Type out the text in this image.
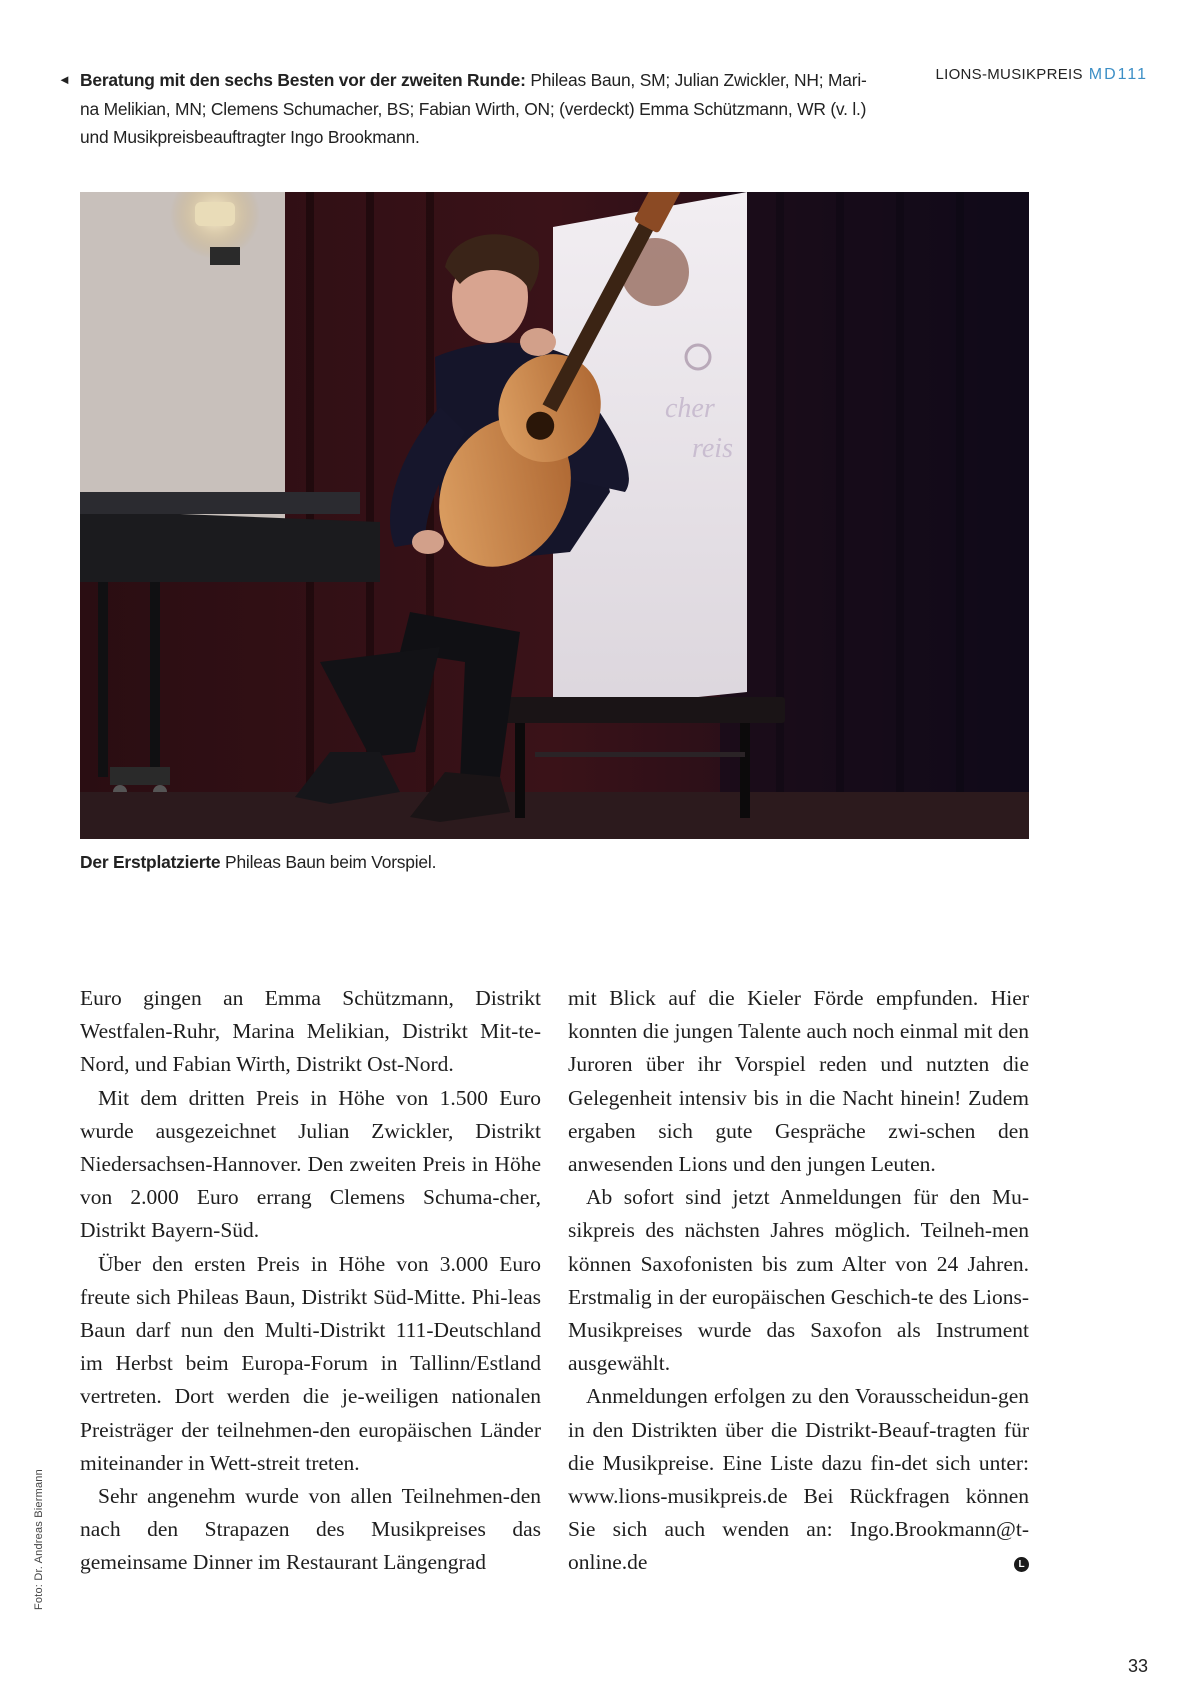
LIONS-MUSIKPREIS MD111
◄ Beratung mit den sechs Besten vor der zweiten Runde: Phileas Baun, SM; Julian Zwickler, NH; Mari-na Melikian, MN; Clemens Schumacher, BS; Fabian Wirth, ON; (verdeckt) Emma Schützmann, WR (v. l.) und Musikpreisbeauftragter Ingo Brookmann.
cher
reis
Der Erstplatzierte Phileas Baun beim Vorspiel.

Euro gingen an Emma Schützmann, Distrikt Westfalen-Ruhr, Marina Melikian, Distrikt Mit-te-Nord, und Fabian Wirth, Distrikt Ost-Nord.

Mit dem dritten Preis in Höhe von 1.500 Euro wurde ausgezeichnet Julian Zwickler, Distrikt Niedersachsen-Hannover. Den zweiten Preis in Höhe von 2.000 Euro errang Clemens Schuma-cher, Distrikt Bayern-Süd.

Über den ersten Preis in Höhe von 3.000 Euro freute sich Phileas Baun, Distrikt Süd-Mitte. Phi-leas Baun darf nun den Multi-Distrikt 111-Deutschland im Herbst beim Europa-Forum in Tallinn/Estland vertreten. Dort werden die je-weiligen nationalen Preisträger der teilnehmen-den europäischen Länder miteinander in Wett-streit treten.

Sehr angenehm wurde von allen Teilnehmen-den nach den Strapazen des Musikpreises das gemeinsame Dinner im Restaurant Längengrad

mit Blick auf die Kieler Förde empfunden. Hier konnten die jungen Talente auch noch einmal mit den Juroren über ihr Vorspiel reden und nutzten die Gelegenheit intensiv bis in die Nacht hinein! Zudem ergaben sich gute Gespräche zwi-schen den anwesenden Lions und den jungen Leuten.

Ab sofort sind jetzt Anmeldungen für den Mu-sikpreis des nächsten Jahres möglich. Teilneh-men können Saxofonisten bis zum Alter von 24 Jahren. Erstmalig in der europäischen Geschich-te des Lions-Musikpreises wurde das Saxofon als Instrument ausgewählt.

Anmeldungen erfolgen zu den Vorausscheidun-gen in den Distrikten über die Distrikt-Beauf-tragten für die Musikpreise. Eine Liste dazu fin-det sich unter: www.lions-musikpreis.de Bei Rückfragen können Sie sich auch wenden an: Ingo.Brookmann@t-online.de	L
Foto: Dr. Andreas Biermann
33
